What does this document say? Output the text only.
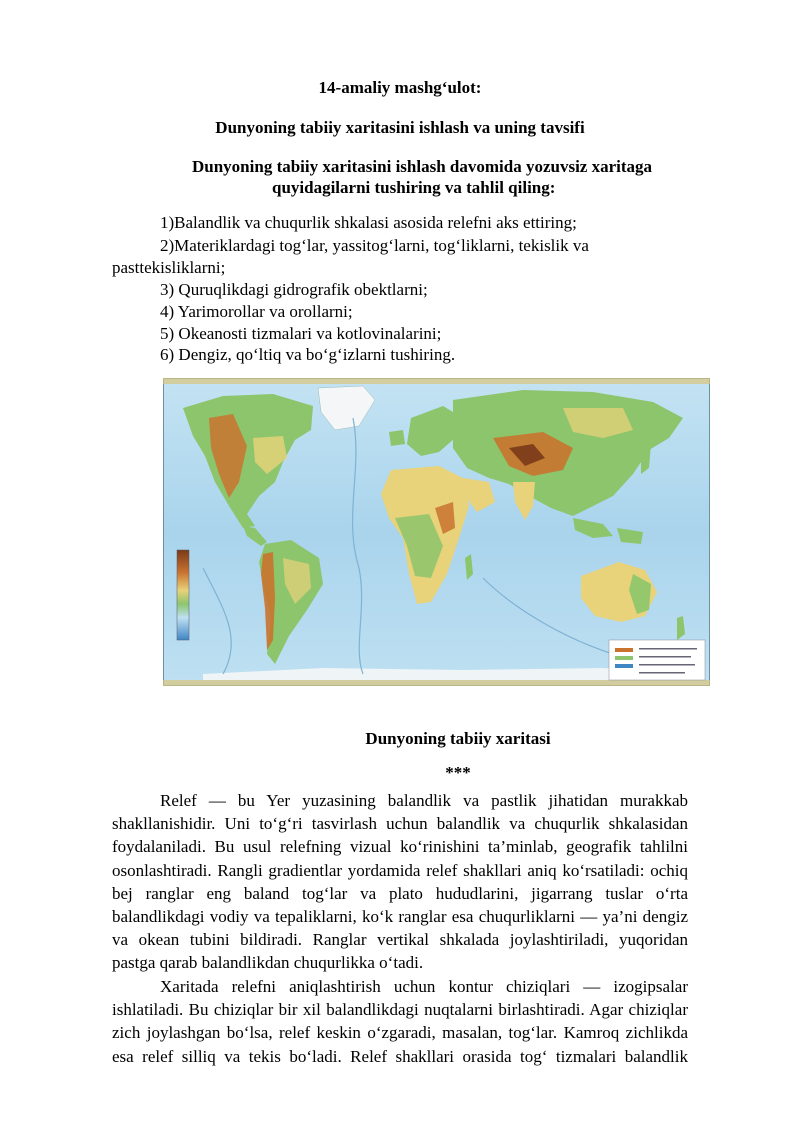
14-amaliy mashg‘ulot:
Dunyoning tabiiy xaritasini ishlash va uning tavsifi
Dunyoning tabiiy xaritasini ishlash davomida yozuvsiz xaritaga
quyidagilarni tushiring va tahlil qiling:
1)Balandlik va chuqurlik shkalasi asosida relefni aks ettiring;
2)Materiklardagi tog‘lar, yassitog‘larni, tog‘liklarni, tekislik va
pasttekisliklarni;
3) Quruqlikdagi gidrografik obektlarni;
4) Yarimorollar va orollarni;
5) Okeanosti tizmalari va kotlovinalarini;
6) Dengiz, qo‘ltiq va bo‘g‘izlarni tushiring.
Dunyoning tabiiy xaritasi
***
Relef — bu Yer yuzasining balandlik va pastlik jihatidan murakkab
shakllanishidir. Uni to‘g‘ri tasvirlash uchun balandlik va chuqurlik shkalasidan
foydalaniladi. Bu usul relefning vizual ko‘rinishini ta’minlab, geografik tahlilni
osonlashtiradi. Rangli gradientlar yordamida relef shakllari aniq ko‘rsatiladi: ochiq
bej ranglar eng baland tog‘lar va plato hududlarini, jigarrang tuslar o‘rta
balandlikdagi vodiy va tepaliklarni, ko‘k ranglar esa chuqurliklarni — ya’ni dengiz
va okean tubini bildiradi. Ranglar vertikal shkalada joylashtiriladi, yuqoridan
pastga qarab balandlikdan chuqurlikka o‘tadi.
Xaritada relefni aniqlashtirish uchun kontur chiziqlari — izogipsalar
ishlatiladi. Bu chiziqlar bir xil balandlikdagi nuqtalarni birlashtiradi. Agar chiziqlar
zich joylashgan bo‘lsa, relef keskin o‘zgaradi, masalan, tog‘lar. Kamroq zichlikda
esa relef silliq va tekis bo‘ladi. Relef shakllari orasida tog‘ tizmalari balandlik
